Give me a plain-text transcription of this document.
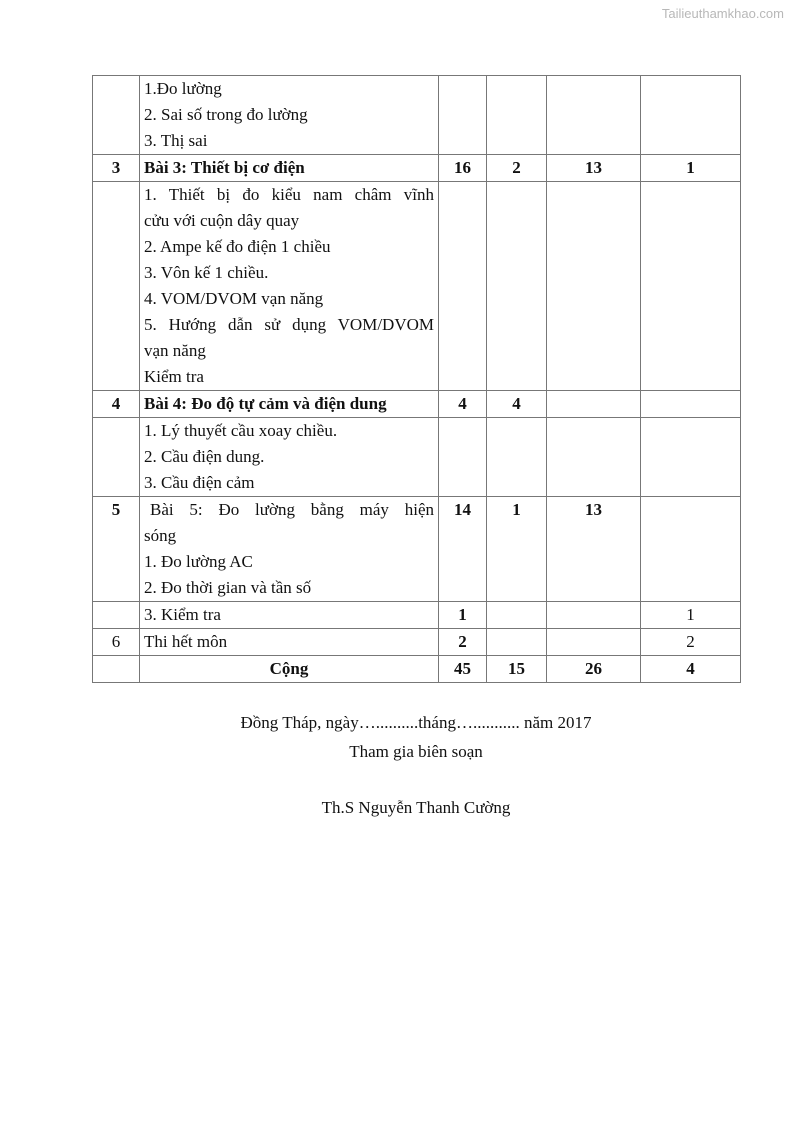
Tailieuthamkhao.com

	1.Đo lường
2. Sai số trong đo lường
3. Thị sai				

3	Bài 3: Thiết bị cơ điện	16	2	13	1

1. Thiết bị đo kiểu nam châm vĩnh
cửu với cuộn dây quay
2. Ampe kế đo điện 1 chiều
3. Vôn kế 1 chiều.
4. VOM/DVOM vạn năng
5. Hướng dẫn sử dụng VOM/DVOM
vạn năng
Kiểm tra

4	Bài 4: Đo độ tự cảm và điện dung	4	4		

	1. Lý thuyết cầu xoay chiều.
2. Cầu điện dung.
3. Cầu điện cảm				

5	Bài 5: Đo lường bằng máy hiện
sóng
1. Đo lường AC
2. Đo thời gian và tần số	14	1	13	
	3. Kiểm tra	1			1
6	Thi hết môn	2			2
	Cộng	45	15	26	4
Đồng Tháp, ngày…..........tháng…........... năm 2017
Tham gia biên soạn
Th.S Nguyễn Thanh Cường
